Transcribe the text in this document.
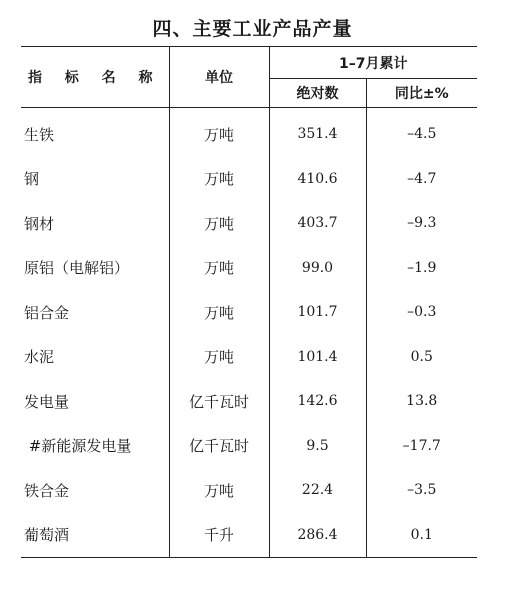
四、主要工业产品产量
指 标 名 称	单位	1–7月累计	
		绝对数	同比±%
生铁	万吨	351.4	–4.5
钢	万吨	410.6	–4.7
钢材	万吨	403.7	–9.3
原铝（电解铝）	万吨	99.0	–1.9
铝合金	万吨	101.7	–0.3
水泥	万吨	101.4	0.5
发电量	亿千瓦时	142.6	13.8
#新能源发电量	亿千瓦时	9.5	–17.7
铁合金	万吨	22.4	–3.5
葡萄酒	千升	286.4	0.1
